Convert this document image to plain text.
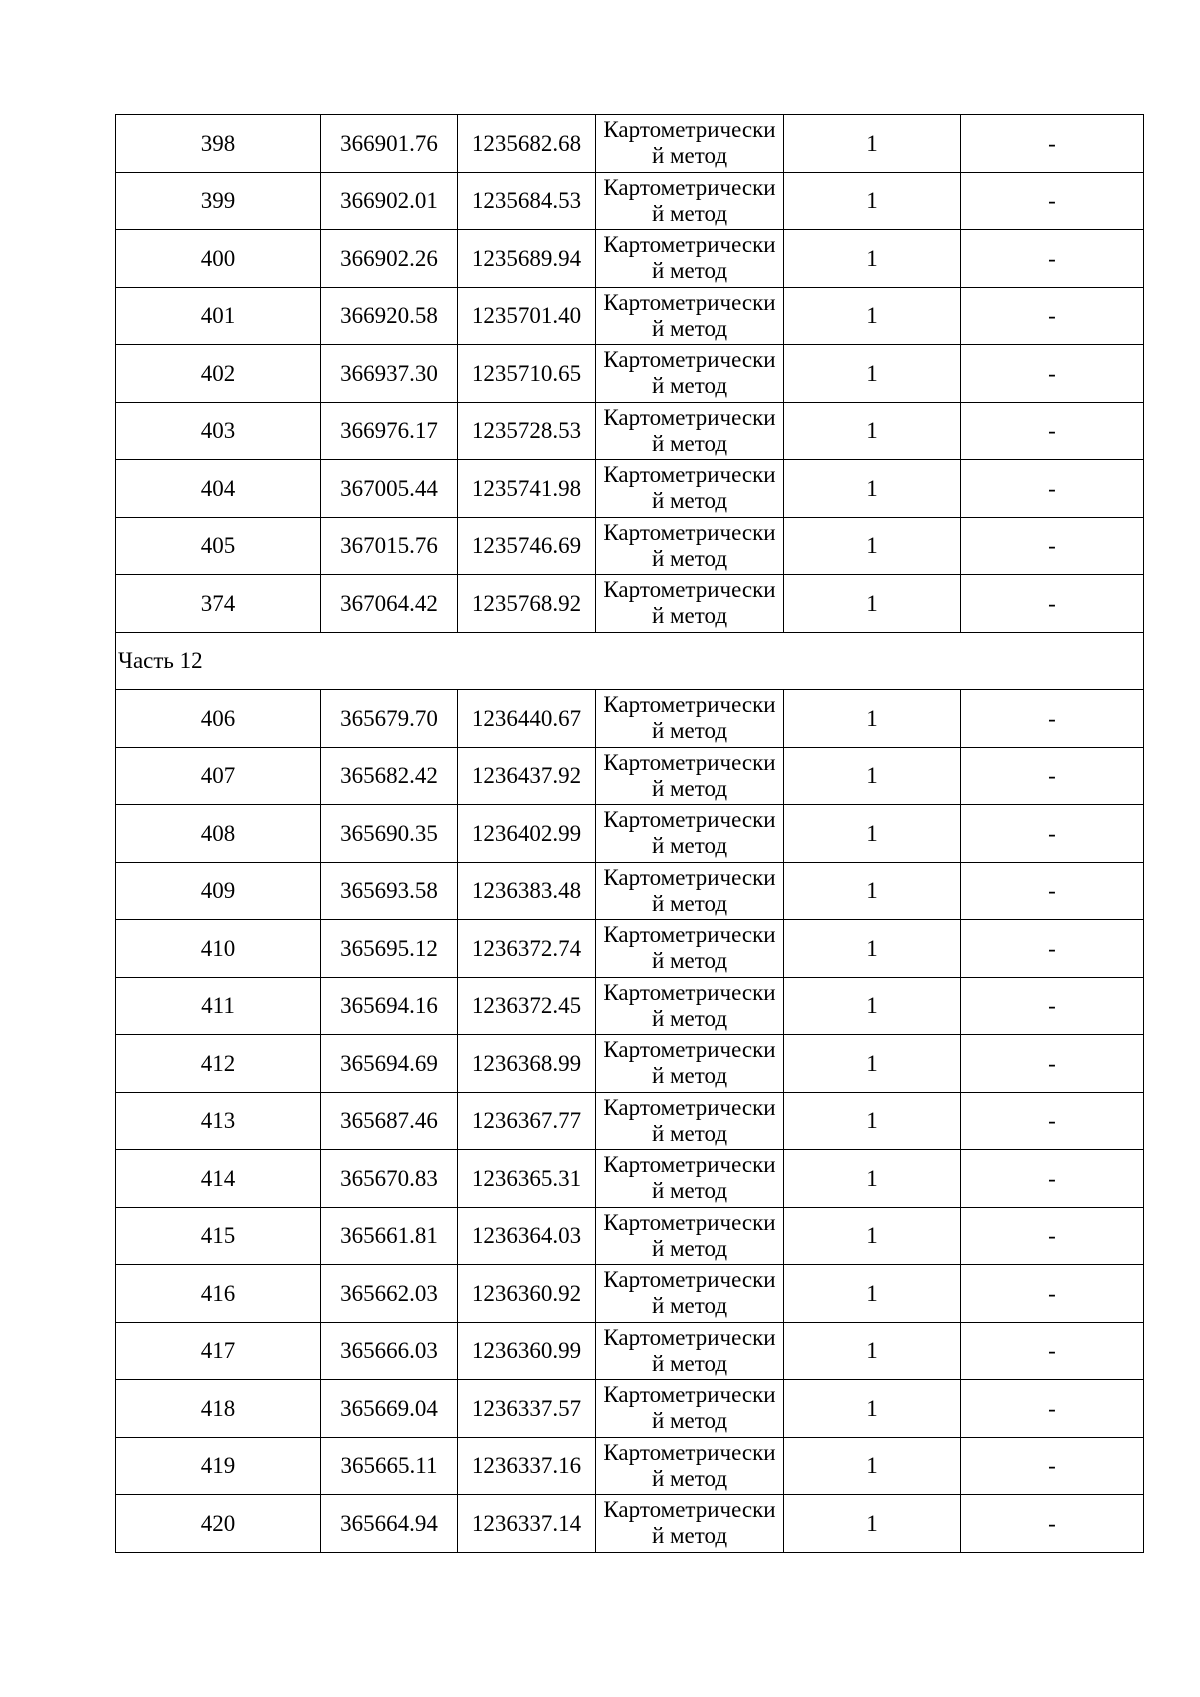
398	366901.76	1235682.68	Картометрически й метод	1	-
399	366902.01	1235684.53	Картометрически й метод	1	-
400	366902.26	1235689.94	Картометрически й метод	1	-
401	366920.58	1235701.40	Картометрически й метод	1	-
402	366937.30	1235710.65	Картометрически й метод	1	-
403	366976.17	1235728.53	Картометрически й метод	1	-
404	367005.44	1235741.98	Картометрически й метод	1	-
405	367015.76	1235746.69	Картометрически й метод	1	-
374	367064.42	1235768.92	Картометрически й метод	1	-
Часть 12					
406	365679.70	1236440.67	Картометрически й метод	1	-
407	365682.42	1236437.92	Картометрически й метод	1	-
408	365690.35	1236402.99	Картометрически й метод	1	-
409	365693.58	1236383.48	Картометрически й метод	1	-
410	365695.12	1236372.74	Картометрически й метод	1	-
411	365694.16	1236372.45	Картометрически й метод	1	-
412	365694.69	1236368.99	Картометрически й метод	1	-
413	365687.46	1236367.77	Картометрически й метод	1	-
414	365670.83	1236365.31	Картометрически й метод	1	-
415	365661.81	1236364.03	Картометрически й метод	1	-
416	365662.03	1236360.92	Картометрически й метод	1	-
417	365666.03	1236360.99	Картометрически й метод	1	-
418	365669.04	1236337.57	Картометрически й метод	1	-
419	365665.11	1236337.16	Картометрически й метод	1	-
420	365664.94	1236337.14	Картометрически й метод	1	-
